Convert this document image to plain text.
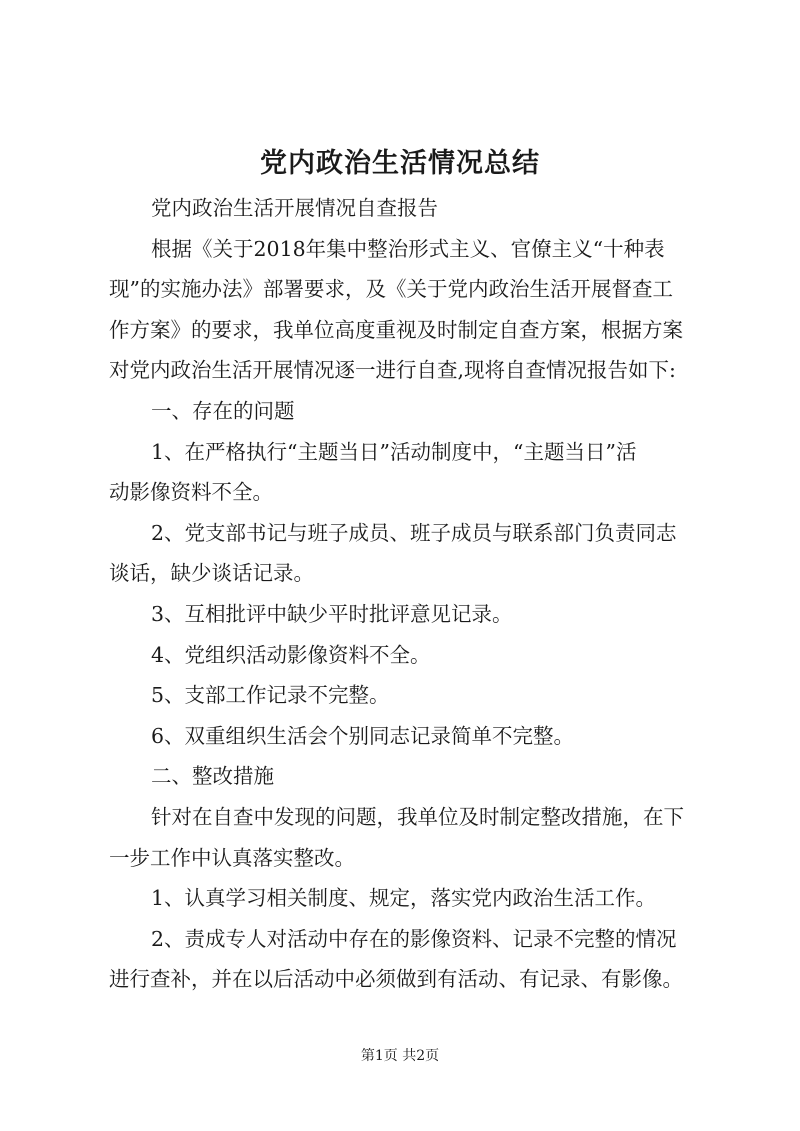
党内政治生活情况总结
党内政治生活开展情况自查报告
根据《关于2018年集中整治形式主义、官僚主义“十种表
现”的实施办法》部署要求，及《关于党内政治生活开展督查工
作方案》的要求，我单位高度重视及时制定自查方案，根据方案
对党内政治生活开展情况逐一进行自查,现将自查情况报告如下:
一、存在的问题
1、在严格执行“主题当日”活动制度中，“主题当日”活
动影像资料不全。
2、党支部书记与班子成员、班子成员与联系部门负责同志
谈话，缺少谈话记录。
3、互相批评中缺少平时批评意见记录。
4、党组织活动影像资料不全。
5、支部工作记录不完整。
6、双重组织生活会个别同志记录简单不完整。
二、整改措施
针对在自查中发现的问题，我单位及时制定整改措施，在下
一步工作中认真落实整改。
1、认真学习相关制度、规定，落实党内政治生活工作。
2、责成专人对活动中存在的影像资料、记录不完整的情况
进行查补，并在以后活动中必须做到有活动、有记录、有影像。
第1页 共2页
